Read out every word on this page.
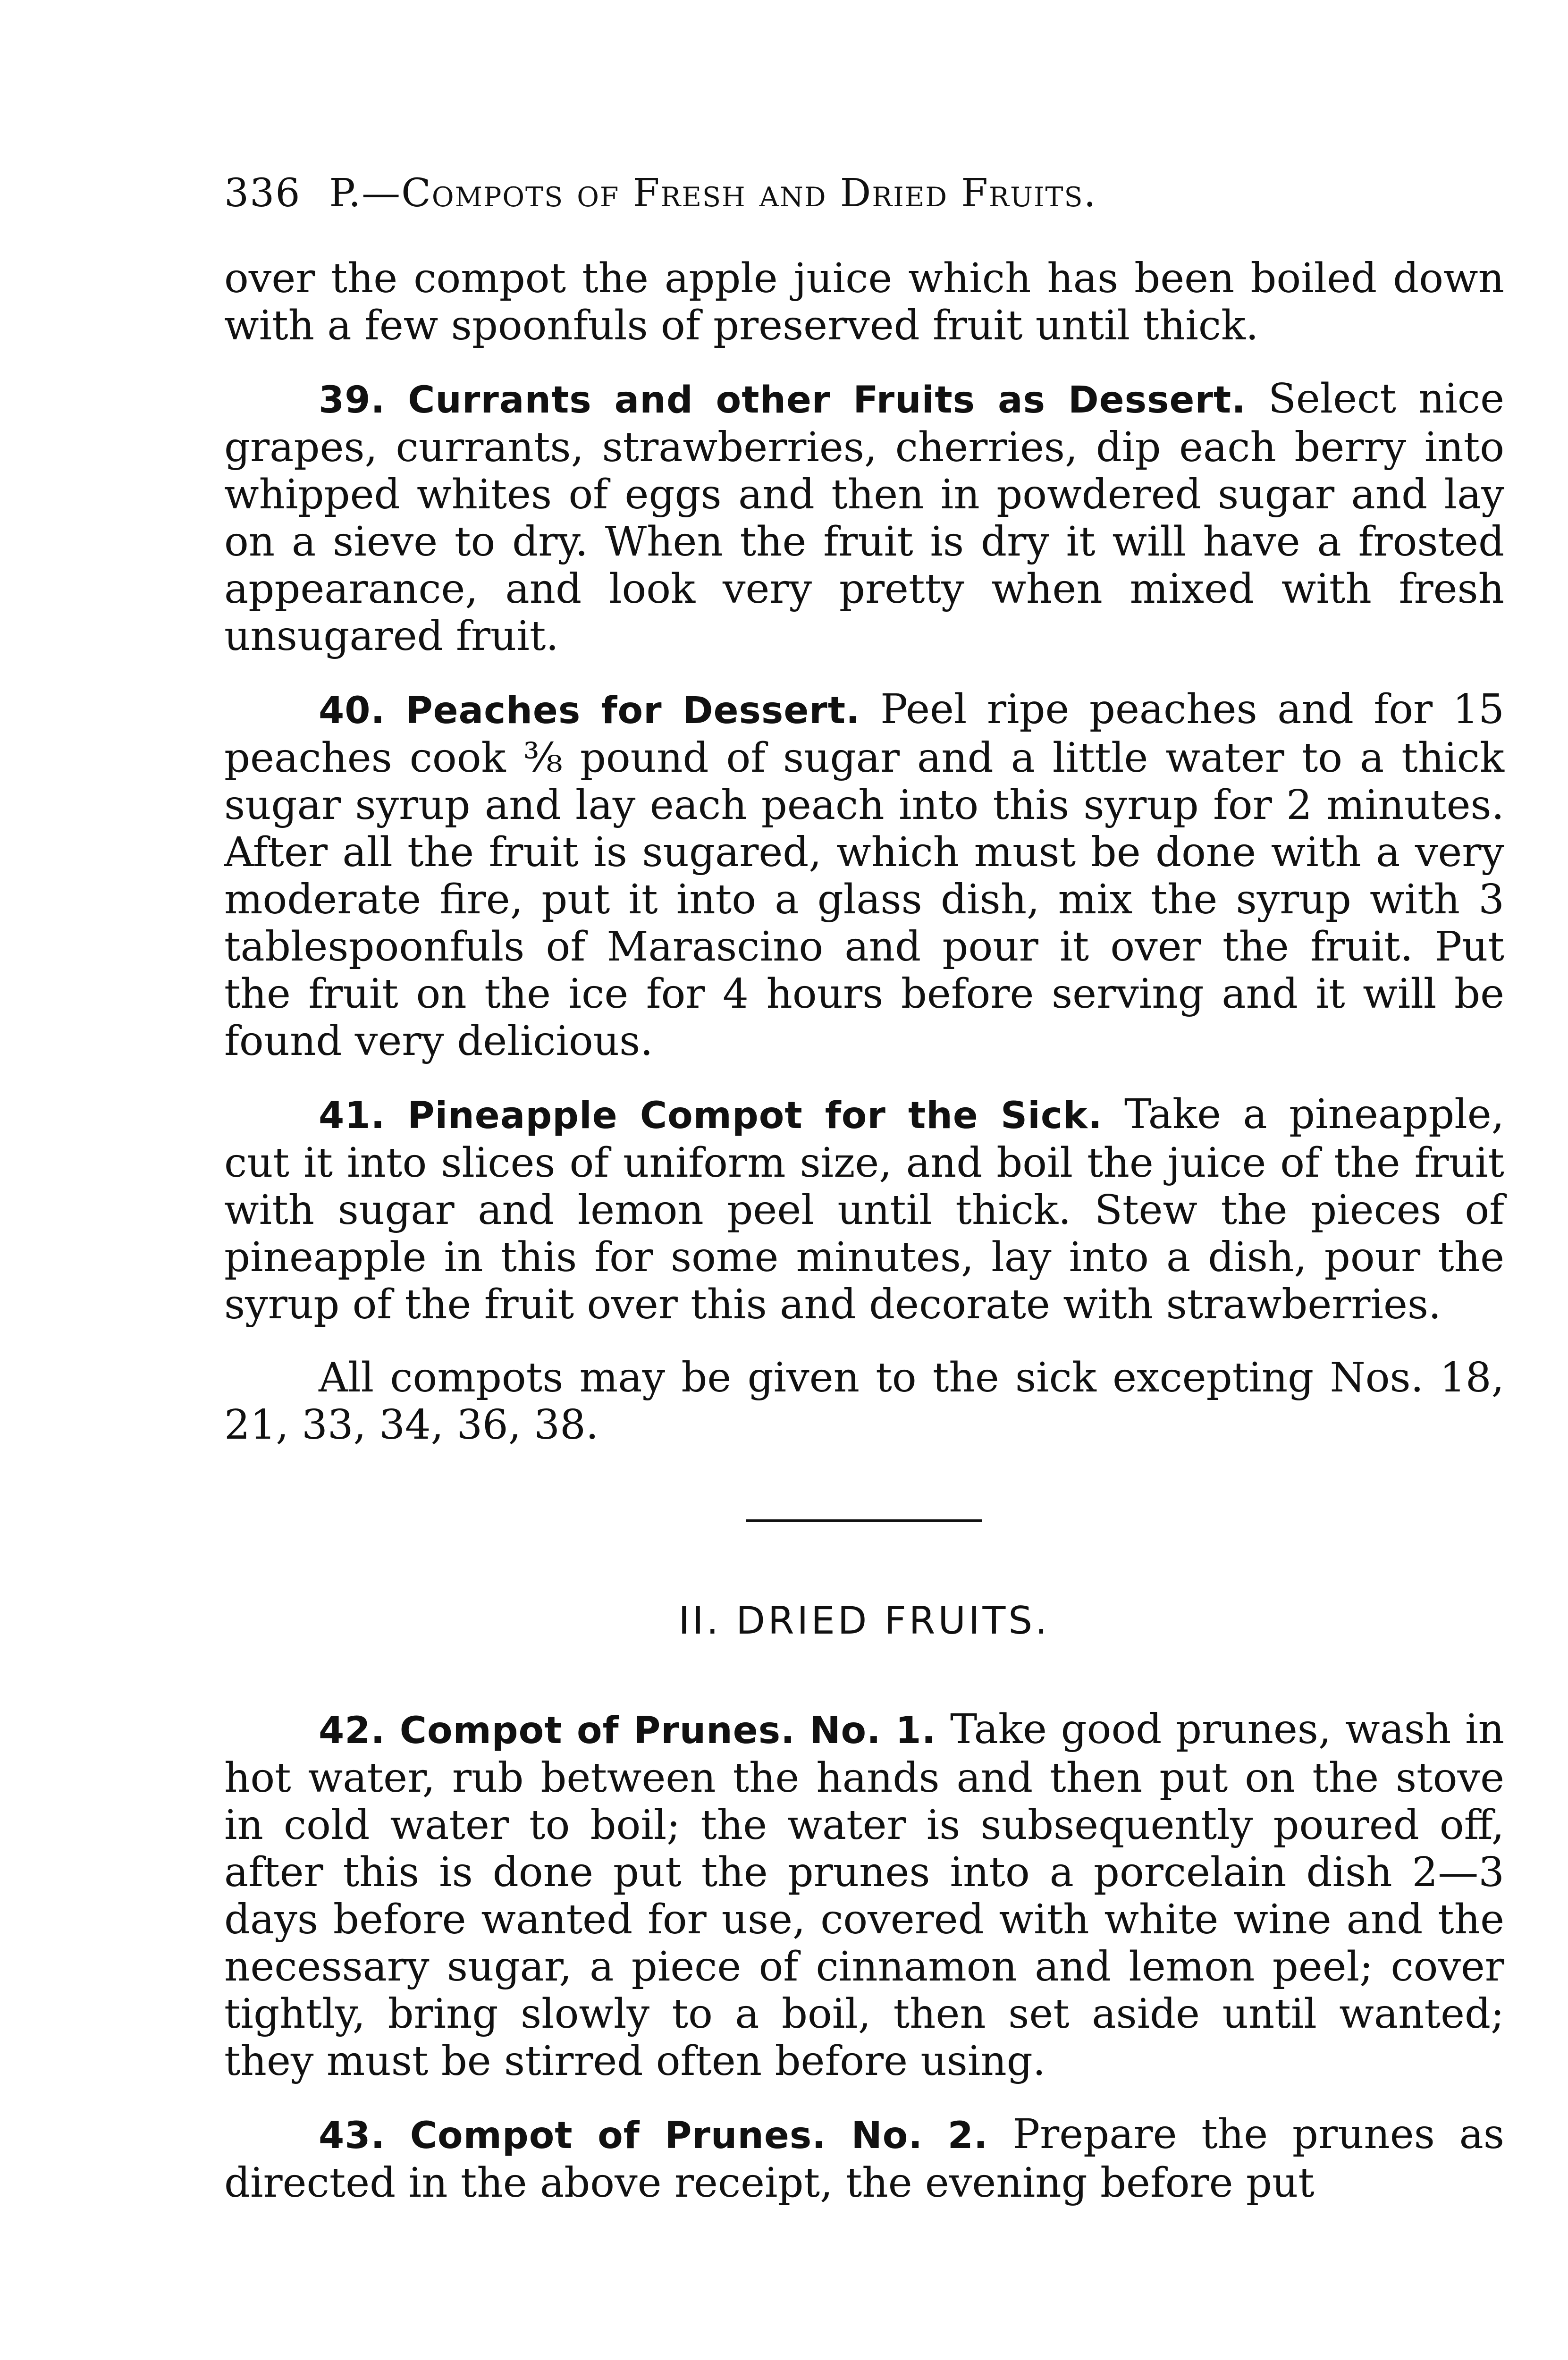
336 P.—Compots of Fresh and Dried Fruits.

over the compot the apple juice which has been boiled down with a few spoonfuls of preserved fruit until thick.

39. Currants and other Fruits as Dessert. Select nice grapes, currants, strawberries, cherries, dip each berry into whipped whites of eggs and then in powdered sugar and lay on a sieve to dry. When the fruit is dry it will have a frosted appearance, and look very pretty when mixed with fresh unsugared fruit.

40. Peaches for Dessert. Peel ripe peaches and for 15 peaches cook ⅜ pound of sugar and a little water to a thick sugar syrup and lay each peach into this syrup for 2 minutes. After all the fruit is sugared, which must be done with a very moderate fire, put it into a glass dish, mix the syrup with 3 tablespoonfuls of Marascino and pour it over the fruit. Put the fruit on the ice for 4 hours before serving and it will be found very delicious.

41. Pineapple Compot for the Sick. Take a pineapple, cut it into slices of uniform size, and boil the juice of the fruit with sugar and lemon peel until thick. Stew the pieces of pineapple in this for some minutes, lay into a dish, pour the syrup of the fruit over this and decorate with strawberries.

All compots may be given to the sick excepting Nos. 18, 21, 33, 34, 36, 38.

II. DRIED FRUITS.

42. Compot of Prunes. No. 1. Take good prunes, wash in hot water, rub between the hands and then put on the stove in cold water to boil; the water is subsequently poured off, after this is done put the prunes into a porcelain dish 2—3 days before wanted for use, covered with white wine and the necessary sugar, a piece of cinnamon and lemon peel; cover tightly, bring slowly to a boil, then set aside until wanted; they must be stirred often before using.

43. Compot of Prunes. No. 2. Prepare the prunes as directed in the above receipt, the evening before put
